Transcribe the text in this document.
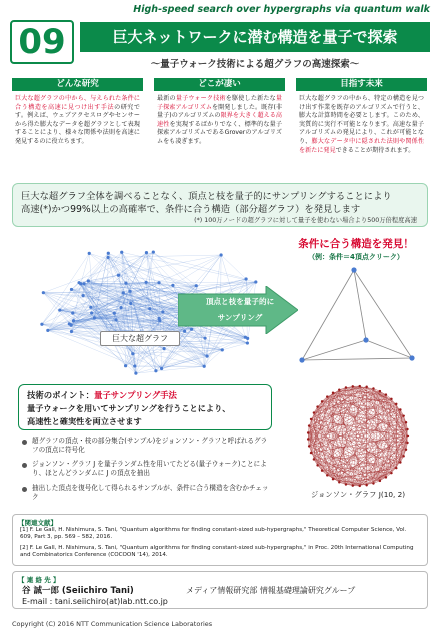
High-speed search over hypergraphs via quantum walk
09	巨大ネットワークに潜む構造を量子で探索
〜量子ウォーク技術による超グラフの高速探索〜
どんな研究
巨大な超グラフの中から、与えられた条件に合う構造を高速に見つけ出す手法の研究です。例えば、ウェブアクセスログやセンサーから得た膨大なデータを超グラフとして表現することにより、様々な関係や法則を高速に発見するのに役立ちます。
どこが凄い
最新の量子ウォーク技術を駆使した新たな量子探索アルゴリズムを開発しました。既存(非量子)のアルゴリズムの限界を大きく超える高速性を実現するばかりでなく、標準的な量子探索アルゴリズムであるGroverのアルゴリズムをも凌ぎます。
目指す未来
巨大な超グラフの中から、特定の構造を見つけ出す作業を既存のアルゴリズムで行うと、膨大な計算時間を必要とします。このため、実質的に実行不可能となります。高速な量子アルゴリズムの発見により、これが可能となり、膨大なデータ中に隠された法則や関係性を新たに発見できることが期待されます。
巨大な超グラフ全体を調べることなく、頂点と枝を量子的にサンプリングすることにより
高速(*)かつ99%以上の高確率で、条件に合う構造（部分超グラフ）を発見します
(*) 100万ノードの超グラフに対して量子を使わない場合より500万倍程度高速
巨大な超グラフ
頂点と枝を量子的に
サンプリング
条件に合う構造を発見！
（例：条件＝4頂点クリーク）
技術のポイント：量子サンプリング手法
量子ウォークを用いてサンプリングを行うことにより、
高速性と確実性を両立させます
超グラフの頂点・枝の部分集合(サンプル)をジョンソン・グラフと呼ばれるグラフの頂点に符号化
ジョンソン・グラフ J を量子ランダム性を用いてたどる(量子ウォーク)ことにより、ほとんどランダムに J の頂点を抽出
抽出した頂点を復号化して得られるサンプルが、条件に合う構造を含むかチェック	ジョンソン・グラフ J(10, 2)
【関連文献】
[1] F. Le Gall, H. Nishimura, S. Tani, "Quantum algorithms for finding constant-sized sub-hypergraphs," Theoretical Computer Science, Vol. 609, Part 3, pp. 569 – 582, 2016.
[2] F. Le Gall, H. Nishimura, S. Tani, "Quantum algorithms for finding constant-sized sub-hypergraphs," in Proc. 20th International Computing and Combinatorics Conference (COCOON '14), 2014.
【 連 絡 先 】
谷 誠一郎 (Seiichiro Tani)	メディア情報研究部 情報基礎理論研究グループ
E-mail : tani.seiichiro(at)lab.ntt.co.jp
Copyright (C) 2016 NTT Communication Science Laboratories
